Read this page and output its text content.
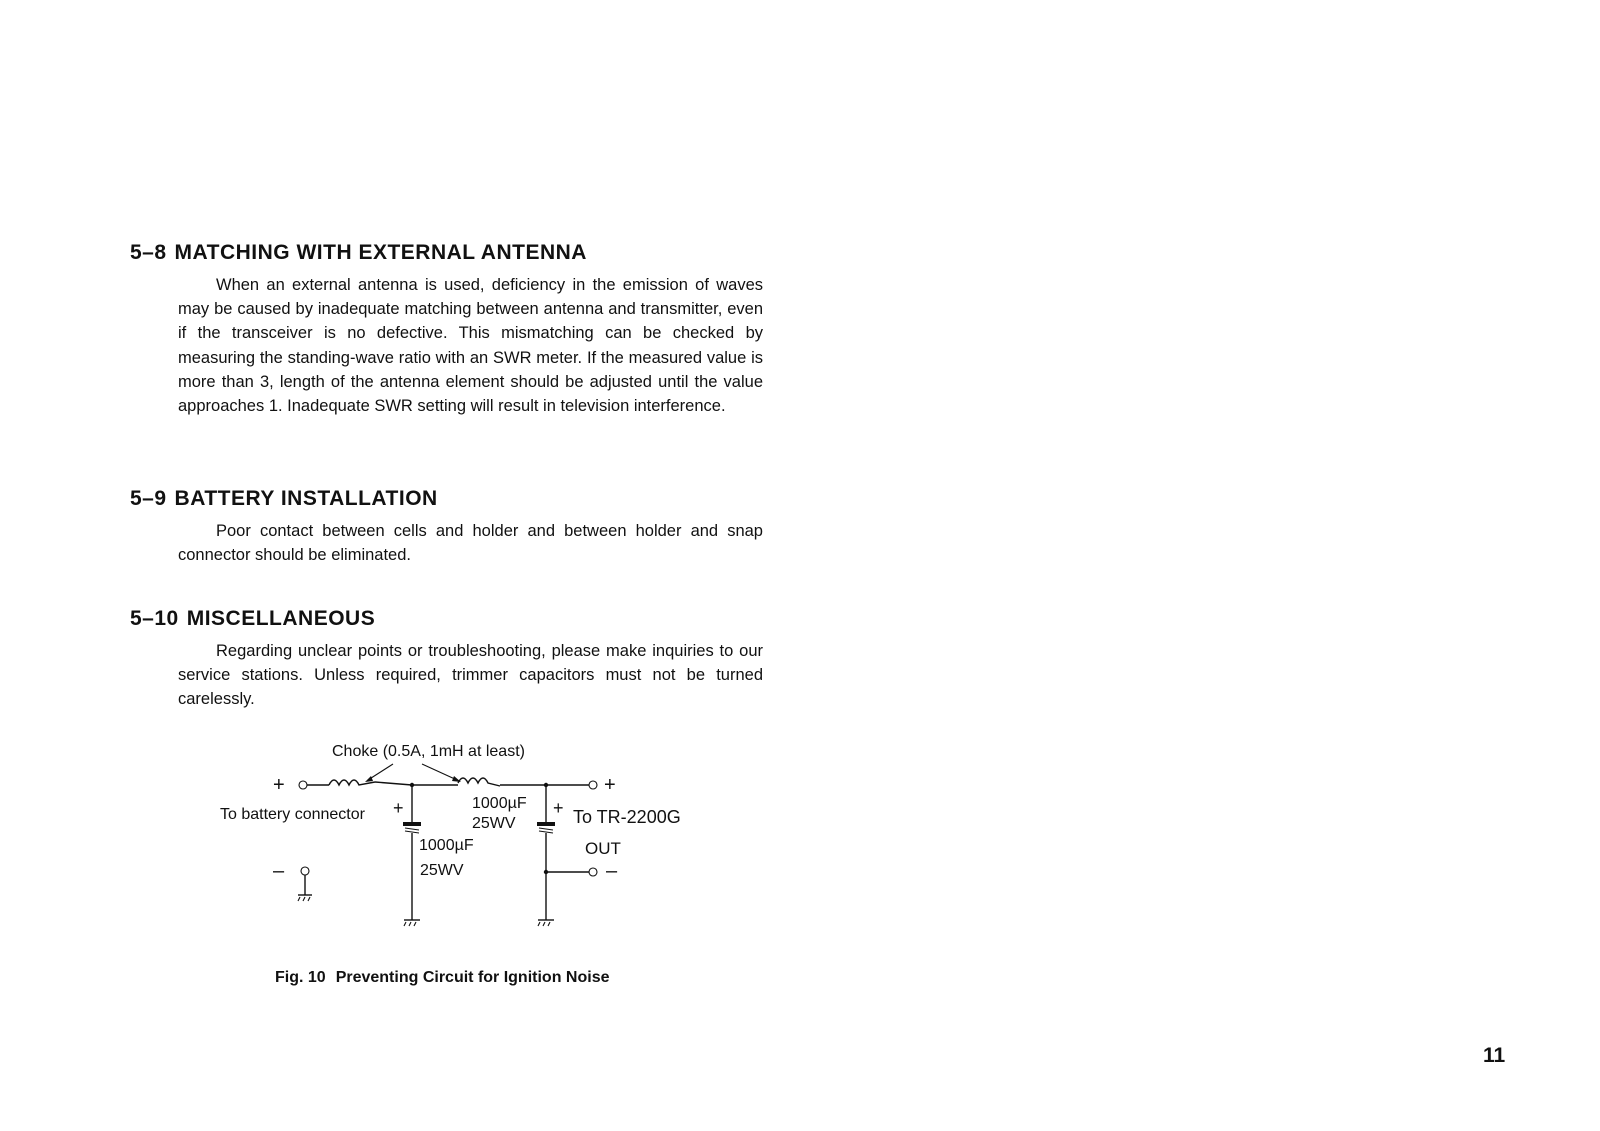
5–8 MATCHING WITH EXTERNAL ANTENNA

When an external antenna is used, deficiency in the emission of waves may be caused by inadequate matching between antenna and transmitter, even if the transceiver is no defective. This mismatching can be checked by measuring the standing-wave ratio with an SWR meter. If the measured value is more than 3, length of the antenna element should be adjusted until the value approaches 1. Inadequate SWR setting will result in television interference.

5–9 BATTERY INSTALLATION

Poor contact between cells and holder and between holder and snap connector should be eliminated.

5–10 MISCELLANEOUS

Regarding unclear points or troubleshooting, please make inquiries to our service stations. Unless required, trimmer capacitors must not be turned carelessly.

Choke (0.5A, 1mH at least)
+	+
+
1000µF
25WV
+
1000µF
25WV
–
–
To battery connector	To TR-2200G
OUT
Fig. 10 Preventing Circuit for Ignition Noise
11
